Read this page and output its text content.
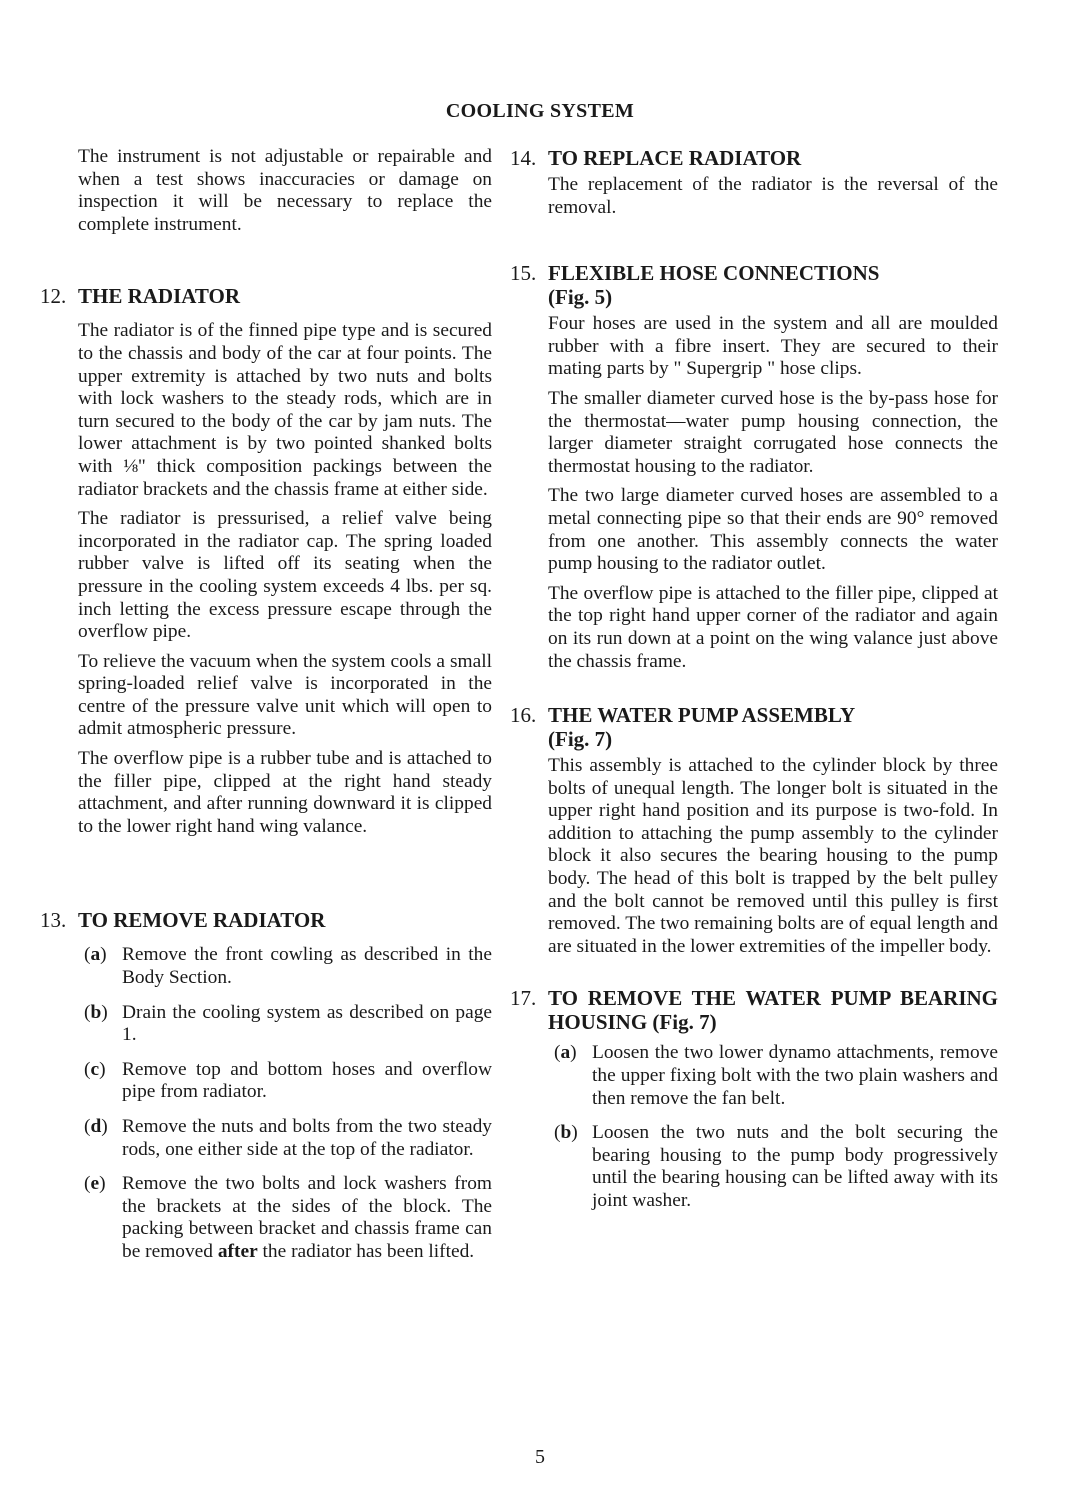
COOLING SYSTEM

The instrument is not adjustable or repairable and when a test shows inaccuracies or damage on inspection it will be necessary to replace the complete instrument.

12. THE RADIATOR

The radiator is of the finned pipe type and is secured to the chassis and body of the car at four points. The upper extremity is attached by two nuts and bolts with lock washers to the steady rods, which are in turn secured to the body of the car by jam nuts. The lower attachment is by two pointed shanked bolts with ⅛" thick composition packings between the radiator brackets and the chassis frame at either side.

The radiator is pressurised, a relief valve being incorporated in the radiator cap. The spring loaded rubber valve is lifted off its seating when the pressure in the cooling system exceeds 4 lbs. per sq. inch letting the excess pressure escape through the overflow pipe.

To relieve the vacuum when the system cools a small spring-loaded relief valve is incorporated in the centre of the pressure valve unit which will open to admit atmospheric pressure.

The overflow pipe is a rubber tube and is attached to the filler pipe, clipped at the right hand steady attachment, and after running downward it is clipped to the lower right hand wing valance.

13. TO REMOVE RADIATOR
(a) Remove the front cowling as described in the Body Section.

(b) Drain the cooling system as described on page 1.

(c) Remove top and bottom hoses and overflow pipe from radiator.

(d) Remove the nuts and bolts from the two steady rods, one either side at the top of the radiator.

(e) Remove the two bolts and lock washers from the brackets at the sides of the block. The packing between bracket and chassis frame can be removed after the radiator has been lifted.

14. TO REPLACE RADIATOR

The replacement of the radiator is the reversal of the removal.

15. FLEXIBLE HOSE CONNECTIONS
(Fig. 5)

Four hoses are used in the system and all are moulded rubber with a fibre insert. They are secured to their mating parts by " Supergrip " hose clips.

The smaller diameter curved hose is the by-pass hose for the thermostat—water pump housing connection, the larger diameter straight corrugated hose connects the thermostat housing to the radiator.

The two large diameter curved hoses are assembled to a metal connecting pipe so that their ends are 90° removed from one another. This assembly connects the water pump housing to the radiator outlet.

The overflow pipe is attached to the filler pipe, clipped at the top right hand upper corner of the radiator and again on its run down at a point on the wing valance just above the chassis frame.

16. THE WATER PUMP ASSEMBLY
(Fig. 7)

This assembly is attached to the cylinder block by three bolts of unequal length. The longer bolt is situated in the upper right hand position and its purpose is two-fold. In addition to attaching the pump assembly to the cylinder block it also secures the bearing housing to the pump body. The head of this bolt is trapped by the belt pulley and the bolt cannot be removed until this pulley is first removed. The two remaining bolts are of equal length and are situated in the lower extremities of the impeller body.

17. TO REMOVE THE WATER PUMP BEARING HOUSING (Fig. 7)
(a) Loosen the two lower dynamo attachments, remove the upper fixing bolt with the two plain washers and then remove the fan belt.

(b) Loosen the two nuts and the bolt securing the bearing housing to the pump body progressively until the bearing housing can be lifted away with its joint washer.

5
